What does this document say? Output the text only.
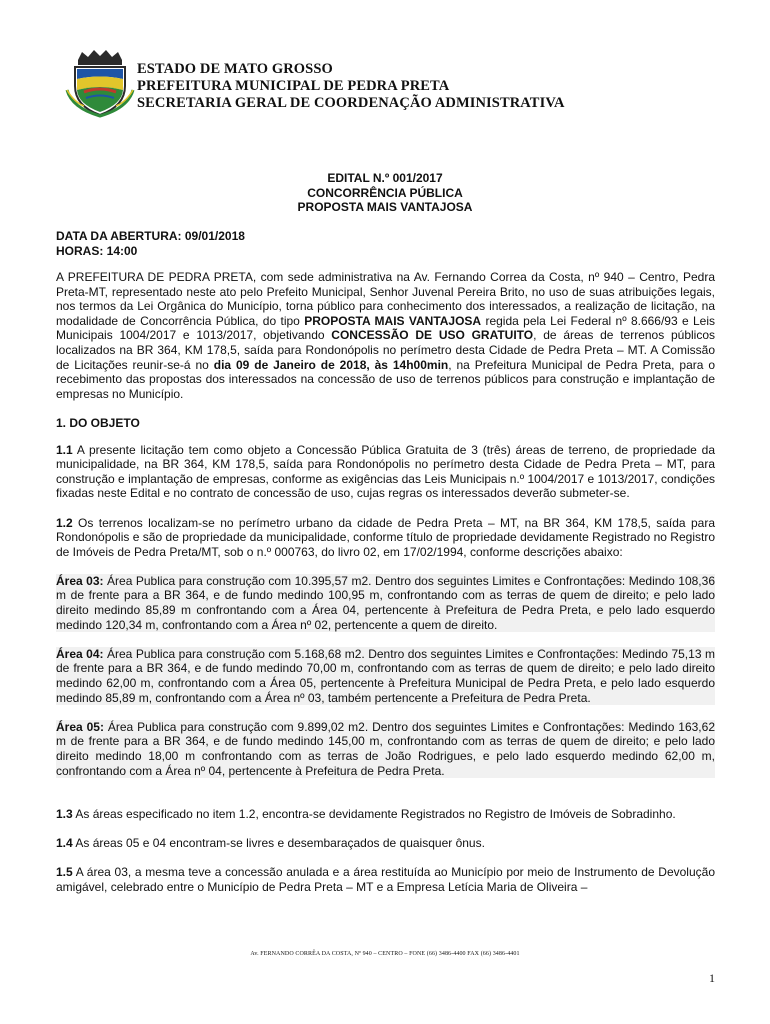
ESTADO DE MATO GROSSO
PREFEITURA MUNICIPAL DE PEDRA PRETA
SECRETARIA GERAL DE COORDENAÇÃO ADMINISTRATIVA
EDITAL N.º 001/2017
CONCORRÊNCIA PÚBLICA
PROPOSTA MAIS VANTAJOSA
DATA DA ABERTURA: 09/01/2018
HORAS: 14:00

A PREFEITURA DE PEDRA PRETA, com sede administrativa na Av. Fernando Correa da Costa, nº 940 – Centro, Pedra Preta-MT, representado neste ato pelo Prefeito Municipal, Senhor Juvenal Pereira Brito, no uso de suas atribuições legais, nos termos da Lei Orgânica do Município, torna público para conhecimento dos interessados, a realização de licitação, na modalidade de Concorrência Pública, do tipo PROPOSTA MAIS VANTAJOSA regida pela Lei Federal nº 8.666/93 e Leis Municipais 1004/2017 e 1013/2017, objetivando CONCESSÃO DE USO GRATUITO, de áreas de terrenos públicos localizados na BR 364, KM 178,5, saída para Rondonópolis no perímetro desta Cidade de Pedra Preta – MT. A Comissão de Licitações reunir-se-á no dia 09 de Janeiro de 2018, às 14h00min, na Prefeitura Municipal de Pedra Preta, para o recebimento das propostas dos interessados na concessão de uso de terrenos públicos para construção e implantação de empresas no Município.

1. DO OBJETO

1.1 A presente licitação tem como objeto a Concessão Pública Gratuita de 3 (três) áreas de terreno, de propriedade da municipalidade, na BR 364, KM 178,5, saída para Rondonópolis no perímetro desta Cidade de Pedra Preta – MT, para construção e implantação de empresas, conforme as exigências das Leis Municipais n.º 1004/2017 e 1013/2017, condições fixadas neste Edital e no contrato de concessão de uso, cujas regras os interessados deverão submeter-se.

1.2 Os terrenos localizam-se no perímetro urbano da cidade de Pedra Preta – MT, na BR 364, KM 178,5, saída para Rondonópolis e são de propriedade da municipalidade, conforme título de propriedade devidamente Registrado no Registro de Imóveis de Pedra Preta/MT, sob o n.º 000763, do livro 02, em 17/02/1994, conforme descrições abaixo:

Área 03: Área Publica para construção com 10.395,57 m2. Dentro dos seguintes Limites e Confrontações: Medindo 108,36 m de frente para a BR 364, e de fundo medindo 100,95 m, confrontando com as terras de quem de direito; e pelo lado direito medindo 85,89 m confrontando com a Área 04, pertencente à Prefeitura de Pedra Preta, e pelo lado esquerdo medindo 120,34 m, confrontando com a Área nº 02, pertencente a quem de direito.

Área 04: Área Publica para construção com 5.168,68 m2. Dentro dos seguintes Limites e Confrontações: Medindo 75,13 m de frente para a BR 364, e de fundo medindo 70,00 m, confrontando com as terras de quem de direito; e pelo lado direito medindo 62,00 m, confrontando com a Área 05, pertencente à Prefeitura Municipal de Pedra Preta, e pelo lado esquerdo medindo 85,89 m, confrontando com a Área nº 03, também pertencente a Prefeitura de Pedra Preta.

Área 05: Área Publica para construção com 9.899,02 m2. Dentro dos seguintes Limites e Confrontações: Medindo 163,62 m de frente para a BR 364, e de fundo medindo 145,00 m, confrontando com as terras de quem de direito; e pelo lado direito medindo 18,00 m confrontando com as terras de João Rodrigues, e pelo lado esquerdo medindo 62,00 m, confrontando com a Área nº 04, pertencente à Prefeitura de Pedra Preta.

1.3 As áreas especificado no item 1.2, encontra-se devidamente Registrados no Registro de Imóveis de Sobradinho.

1.4 As áreas 05 e 04 encontram-se livres e desembaraçados de quaisquer ônus.

1.5 A área 03, a mesma teve a concessão anulada e a área restituída ao Município por meio de Instrumento de Devolução amigável, celebrado entre o Município de Pedra Preta – MT e a Empresa Letícia Maria de Oliveira –

Av. FERNANDO CORRÊA DA COSTA, Nº 940 – CENTRO – FONE (66) 3486-4400 FAX (66) 3486-4401
1
